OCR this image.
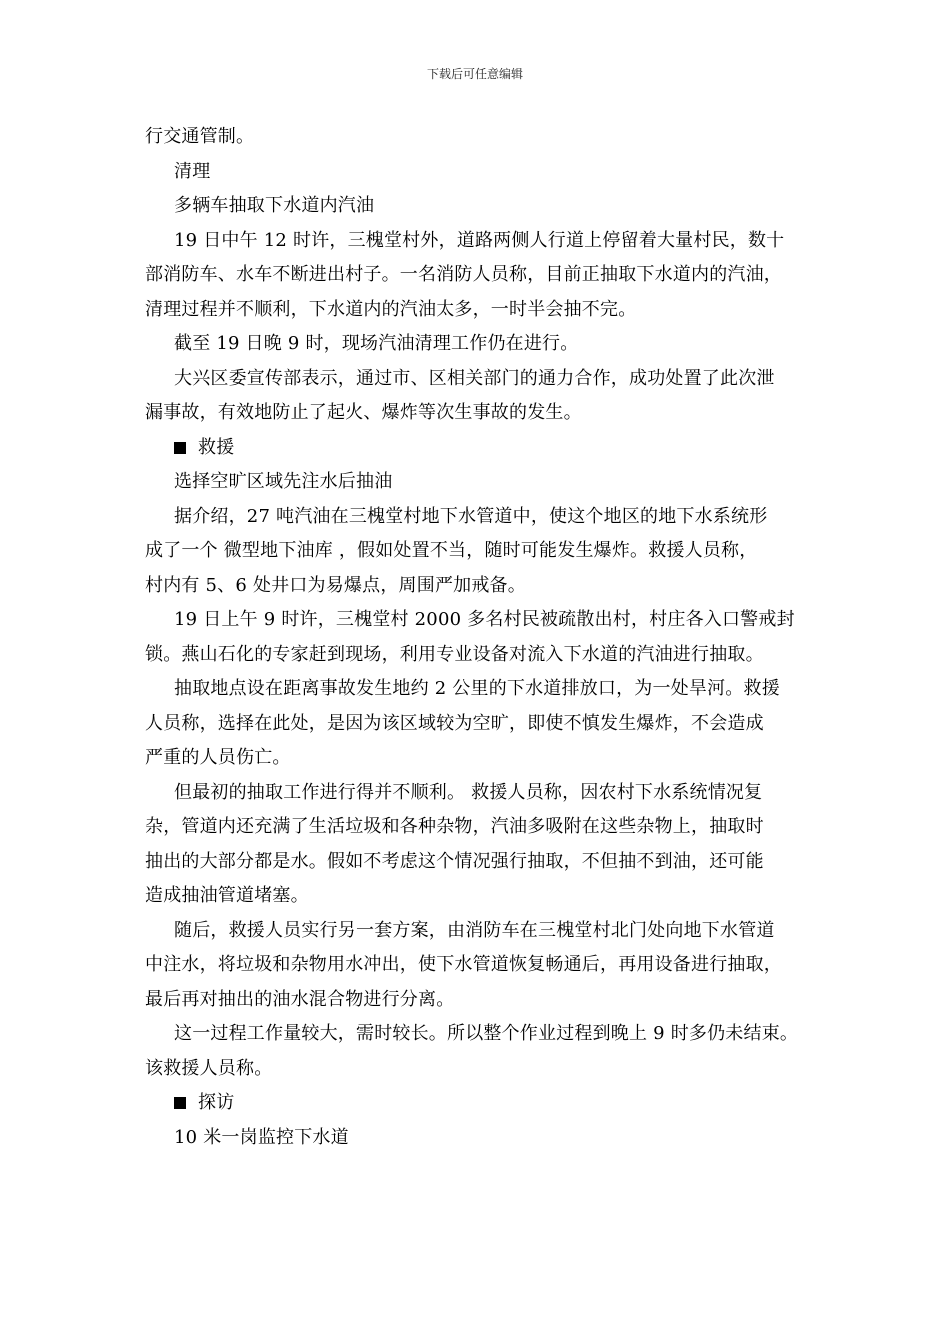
下载后可任意编辑
行交通管制。
清理
多辆车抽取下水道内汽油
19 日中午 12 时许，三槐堂村外，道路两侧人行道上停留着大量村民，数十
部消防车、水车不断进出村子。一名消防人员称，目前正抽取下水道内的汽油，
清理过程并不顺利，下水道内的汽油太多，一时半会抽不完。
截至 19 日晚 9 时，现场汽油清理工作仍在进行。
大兴区委宣传部表示，通过市、区相关部门的通力合作，成功处置了此次泄
漏事故，有效地防止了起火、爆炸等次生事故的发生。
救援
选择空旷区域先注水后抽油
据介绍，27 吨汽油在三槐堂村地下水管道中，使这个地区的地下水系统形
成了一个 微型地下油库 ，假如处置不当，随时可能发生爆炸。救援人员称，
村内有 5、6 处井口为易爆点，周围严加戒备。
19 日上午 9 时许，三槐堂村 2000 多名村民被疏散出村，村庄各入口警戒封
锁。燕山石化的专家赶到现场，利用专业设备对流入下水道的汽油进行抽取。
抽取地点设在距离事故发生地约 2 公里的下水道排放口，为一处旱河。救援
人员称，选择在此处，是因为该区域较为空旷，即使不慎发生爆炸，不会造成
严重的人员伤亡。
但最初的抽取工作进行得并不顺利。 救援人员称，因农村下水系统情况复
杂，管道内还充满了生活垃圾和各种杂物，汽油多吸附在这些杂物上，抽取时
抽出的大部分都是水。假如不考虑这个情况强行抽取，不但抽不到油，还可能
造成抽油管道堵塞。
随后，救援人员实行另一套方案，由消防车在三槐堂村北门处向地下水管道
中注水，将垃圾和杂物用水冲出，使下水管道恢复畅通后，再用设备进行抽取，
最后再对抽出的油水混合物进行分离。
这一过程工作量较大，需时较长。所以整个作业过程到晚上 9 时多仍未结束。
该救援人员称。
探访
10 米一岗监控下水道
